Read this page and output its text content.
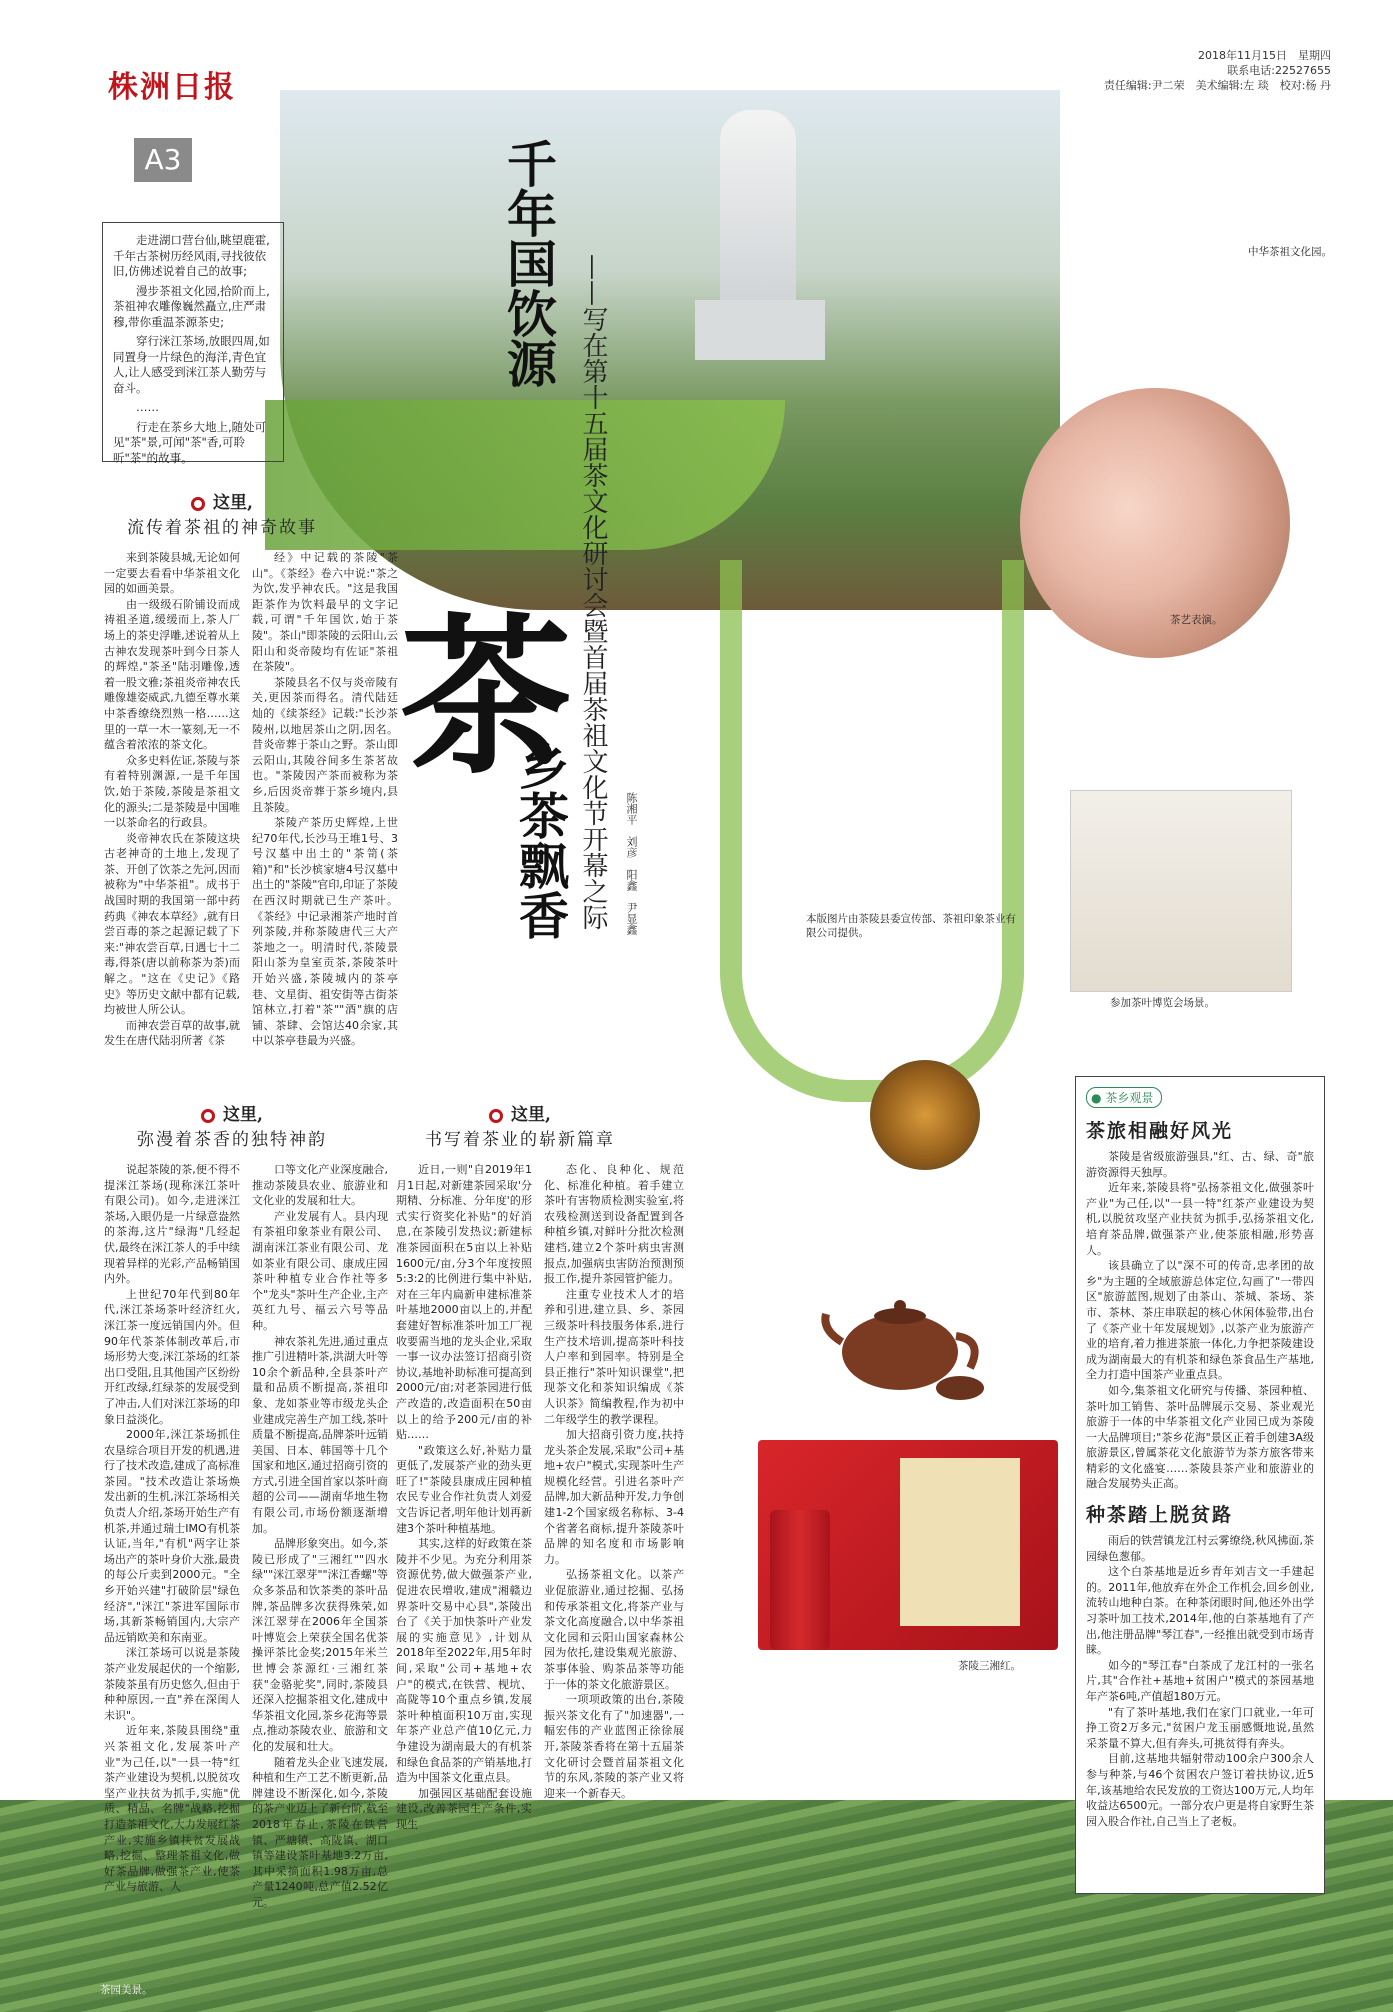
株洲日报
A3
2018年11月15日　 星期四
联系电话:22527655
责任编辑:尹二荣　美术编辑:左 琰　校对:杨 丹

走进湖口营台仙,眺望鹿霍,千年古茶树历经风雨,寻找彼依旧,仿佛述说着自己的故事;

漫步茶祖文化园,拾阶而上,茶祖神农雕像巍然矗立,庄严肃穆,带你重温茶源茶史;

穿行洣江茶场,放眼四周,如同置身一片绿色的海洋,青色宜人,让人感受到洣江茶人勤劳与奋斗。

……

行走在茶乡大地上,随处可见"茶"景,可闻"茶"香,可聆听"茶"的故事。

千年国饮源 ——写在第十五届茶文化研讨会暨首届茶祖文化节开幕之际
茶
乡茶飘香	陈湘平　刘彦　阳鑫　尹显鑫
中华茶祖文化园。
茶艺表演。
本版图片由茶陵县委宣传部、茶祖印象茶业有限公司提供。
参加茶叶博览会场景。
茶陵三湘红。
茶园美景。
这里,
流传着茶祖的神奇故事

来到茶陵县城,无论如何一定要去看看中华茶祖文化园的如画美景。

由一级级石阶铺设而成祷祖圣道,缓缓而上,茶人厂场上的茶史浮雕,述说着从上古神农发现茶叶到今日茶人的辉煌,"茶圣"陆羽雕像,透着一股文雅;茶祖炎帝神农氏雕像雄姿威武,九德至尊水莱中茶香缭绕烈熟一格……这里的一草一木一篆刻,无一不蕴含着浓浓的茶文化。

众多史料佐证,茶陵与茶有着特别渊源,一是千年国饮,始于茶陵,茶陵是茶祖文化的源头;二是茶陵是中国唯一以茶命名的行政县。

炎帝神农氏在茶陵这块古老神奇的土地上,发现了茶、开创了饮茶之先河,因而被称为"中华茶祖"。成书于战国时期的我国第一部中药药典《神农本草经》,就有日尝百毒的茶之起源记载了下来:"神农尝百草,日遇七十二毒,得茶(唐以前称茶为荼)而解之。"这在《史记》《路史》等历史文献中都有记载,均被世人所公认。

而神农尝百草的故事,就发生在唐代陆羽所著《茶

经》中记载的茶陵"茶山"。《茶经》卷六中说:"茶之为饮,发乎神农氏。"这是我国距茶作为饮料最早的文字记载,可谓"千年国饮,始于茶陵"。茶山"即茶陵的云阳山,云阳山和炎帝陵均有佐证"茶祖在茶陵"。

茶陵县名不仅与炎帝陵有关,更因茶而得名。清代陆廷灿的《续茶经》记载:"长沙茶陵州,以地居茶山之阴,因名。昔炎帝葬于茶山之野。茶山即云阳山,其陵谷间多生茶茗故也。"茶陵因产茶而被称为茶乡,后因炎帝葬于茶乡境内,县且茶陵。

茶陵产茶历史辉煌,上世纪70年代,长沙马王堆1号、3号汉墓中出土的"茶笥(茶箱)"和"长沙槟家塘4号汉墓中出土的"茶陵"官印,印证了茶陵在西汉时期就已生产茶叶。《茶经》中记录湘茶产地时首列茶陵,并称茶陵唐代三大产茶地之一。明清时代,茶陵景阳山茶为皇室贡茶,茶陵茶叶开始兴盛,茶陵城内的茶亭巷、文星街、祖安街等古街茶馆林立,打着"茶""酒"旗的店铺、茶肆、会馆达40余家,其中以茶亭巷最为兴盛。

这里,
弥漫着茶香的独特神韵

说起茶陵的茶,便不得不提洣江茶场(现称洣江茶叶有限公司)。如今,走进洣江茶场,入眼仍是一片绿意盎然的茶海,这片"绿海"几经起伏,最终在洣江茶人的手中续现着异样的光彩,产品畅销国内外。

上世纪70年代到80年代,洣江茶场茶叶经济红火,洣江茶一度远销国内外。但90年代茶茶体制改革后,市场形势大变,洣江茶场的红茶出口受阻,且其他国产区纷纷开红改绿,红绿茶的发展受到了冲击,人们对洣江茶场的印象日益淡化。

2000年,洣江茶场抓住农垦综合项目开发的机遇,进行了技术改造,建成了高标准茶园。"技术改造让茶场焕发出新的生机,洣江茶场相关负责人介绍,茶场开始生产有机茶,并通过瑞士IMO有机茶认证,当年,"有机"两字让茶场出产的茶叶身价大涨,最贵的每公斤卖到2000元。"全乡开始兴建"打破阶层"绿色经济","洣江"茶进军国际市场,其新茶畅销国内,大宗产品远销欧美和东南亚。

洣江茶场可以说是茶陵茶产业发展起伏的一个缩影,茶陵茶虽有历史悠久,但由于种种原因,一直"养在深闺人未识"。

近年来,茶陵县围绕"重兴茶祖文化,发展茶叶产业"为己任,以"一县一特"红茶产业建设为契机,以脱贫攻坚产业扶贫为抓手,实施"优质、精品、名牌"战略,挖掘打造茶祖文化,大力发展红茶产业,实施乡镇扶贫发展战略,挖掘、整理茶祖文化,做好茶品牌,做强茶产业,使茶产业与旅游、人

口等文化产业深度融合,推动茶陵县农业、旅游业和文化业的发展和壮大。

产业发展有人。县内现有茶祖印象茶业有限公司、湖南洣江茶业有限公司、龙如茶业有限公司、康成庄园茶叶种植专业合作社等多个"龙头"茶叶生产企业,主产英红九号、福云六号等品种。

神农茶礼先进,通过重点推广引进精叶茶,洪湖大叶等10余个新品种,全县茶叶产量和品质不断提高,茶祖印象、龙如茶业等市级龙头企业建成完善生产加工线,茶叶质量不断提高,品牌茶叶远销美国、日本、韩国等十几个国家和地区,通过招商引资的方式,引进全国首家以茶叶商超的公司——湖南华地生物有限公司,市场份额逐渐增加。

品牌形象突出。如今,茶陵已形成了"三湘红""四水绿""洣江翠芽""洣江香螺"等众多茶品和饮茶类的茶叶品牌,茶品牌多次获得殊荣,如洣江翠芽在2006年全国茶叶博览会上荣获全国名优茶操评茶比金奖;2015年米兰世博会茶源红·三湘红茶获"金骆驼奖",同时,茶陵县还深入挖掘茶祖文化,建成中华茶祖文化园,茶乡花海等景点,推动茶陵农业、旅游和文化的发展和壮大。

随着龙头企业飞速发展,种植和生产工艺不断更新,品牌建设不断深化,如今,茶陵的茶产业迈上了新台阶,截至2018年春止,茶陵在铁营镇、严塘镇、高陇镇、湖口镇等建设茶叶基地3.2万亩,其中采摘面积1.98万亩,总产量1240吨,总产值2.52亿元。

这里,
书写着茶业的崭新篇章

近日,一则"自2019年1月1日起,对新建茶园采取'分期精、分标准、分年度'的形式实行资奖化补贴"的好消息,在茶陵引发热议;新建标准茶园面积在5亩以上补贴1600元/亩,分3个年度按照5:3:2的比例进行集中补贴,对在三年内扁新申建标准茶叶基地2000亩以上的,并配套建好智标准茶叶加工厂视收要需当地的龙头企业,采取一事一议办法签订招商引资协议,基地补助标准可提高到2000元/亩;对老茶园进行低产改造的,改造面积在50亩以上的给予200元/亩的补贴……

"政策这么好,补贴力量更低了,发展茶产业的劲头更旺了!"茶陵县康成庄园种植农民专业合作社负责人刘爱文告诉记者,明年他计划再新建3个茶叶种植基地。

其实,这样的好政策在茶陵并不少见。为充分利用茶资源优势,做大做强茶产业,促进农民增收,建成"湘赣边界茶叶交易中心县",茶陵出台了《关于加快茶叶产业发展的实施意见》,计划从2018年至2022年,用5年时间,采取"公司+基地+农户"的模式,在铁营、枧坑、高陇等10个重点乡镇,发展茶叶种植面积10万亩,实现年茶产业总产值10亿元,力争建设为湖南最大的有机茶和绿色食品茶的产销基地,打造为中国茶文化重点县。

加强园区基础配套设施建设,改善茶园生产条件,实现生

态化、良种化、规范化、标准化种植。着手建立茶叶有害物质检测实验室,将农残检测送到设备配置到各种植乡镇,对鲜叶分批次检测建档,建立2个茶叶病虫害测报点,加强病虫害防治预测预报工作,提升茶园管护能力。

注重专业技术人才的培养和引进,建立县、乡、茶园三级茶叶科技服务体系,进行生产技术培训,提高茶叶科技人户率和到园率。特别是全县正推行"茶叶知识课堂",把现茶文化和茶知识编成《茶人识茶》简编教程,作为初中二年级学生的教学课程。

加大招商引资力度,扶持龙头茶企发展,采取"公司+基地+农户"模式,实现茶叶生产规模化经营。引进名茶叶产品牌,加大新品种开发,力争创建1-2个国家级名称标、3-4个省著名商标,提升茶陵茶叶品牌的知名度和市场影响力。

弘扬茶祖文化。以茶产业促旅游业,通过挖掘、弘扬和传承茶祖文化,将茶产业与茶文化高度融合,以中华茶祖文化园和云阳山国家森林公园为依托,建设集观光旅游、茶事体验、购茶品茶等功能于一体的茶文化旅游景区。

一项项政策的出台,茶陵振兴茶文化有了"加速器",一幅宏伟的产业蓝图正徐徐展开,茶陵茶香将在第十五届茶文化研讨会暨首届茶祖文化节的东风,茶陵的茶产业又将迎来一个新春天。

● 茶乡观景
茶旅相融好风光

茶陵是省级旅游强县,"红、古、绿、奇"旅游资源得天独厚。

近年来,茶陵县将"弘扬茶祖文化,做强茶叶产业"为己任,以"一县一特"红茶产业建设为契机,以脱贫攻坚产业扶贫为抓手,弘扬茶祖文化,培育茶品牌,做强茶产业,使茶旅相融,形势喜人。

该县确立了以"深不可的传奇,忠孝团的故乡"为主题的全域旅游总体定位,勾画了"一带四区"旅游蓝图,规划了由茶山、茶城、茶场、茶市、茶林、茶庄串联起的核心休闲体验带,出台了《茶产业十年发展规划》,以茶产业为旅游产业的培育,着力推进茶旅一体化,力争把茶陵建设成为湖南最大的有机茶和绿色茶食品生产基地,全力打造中国茶产业重点县。

如今,集茶祖文化研究与传播、茶园种植、茶叶加工销售、茶叶品牌展示交易、茶业观光旅游于一体的中华茶祖文化产业园已成为茶陵一大品牌项目;"茶乡花海"景区正着手创建3A级旅游景区,曾属茶花文化旅游节为茶方旅客带来精彩的文化盛宴……茶陵县茶产业和旅游业的融合发展势头正高。

种茶踏上脱贫路

雨后的铁营镇龙江村云雾缭绕,秋风拂面,茶园绿色葱郁。

这个白茶基地是近乡青年刘吉文一手建起的。2011年,他放弃在外企工作机会,回乡创业,流转山地种白茶。在种茶闭眼时间,他还外出学习茶叶加工技术,2014年,他的白茶基地有了产出,他注册品牌"琴江春",一经推出就受到市场青睐。

如今的"琴江春"白茶成了龙江村的一张名片,其"合作社+基地+贫困户"模式的茶园基地年产茶6吨,产值超180万元。

"有了茶叶基地,我们在家门口就业,一年可挣工资2万多元,"贫困户龙玉丽感慨地说,虽然采茶量不算大,但有奔头,可挑贫得有奔头。

目前,这基地共辐射带动100余户300余人参与种茶,与46个贫困农户签订着扶协议,近5年,该基地给农民发放的工资达100万元,人均年收益达6500元。一部分农户更是将自家野生茶园入股合作社,自己当上了老板。
